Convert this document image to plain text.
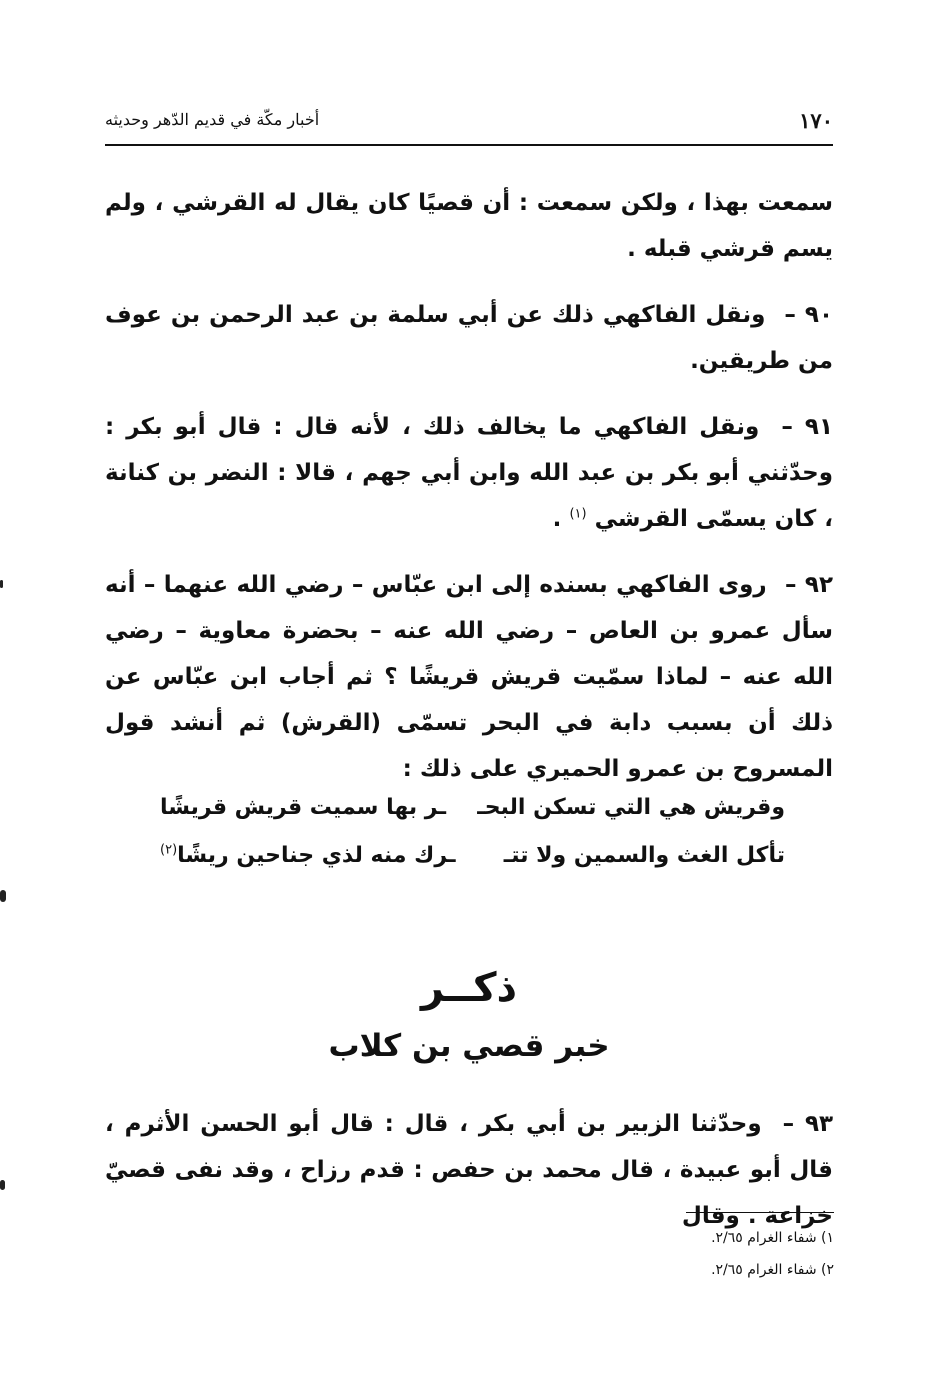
١٧٠
أخبار مكّة في قديم الدّهر وحديثه

سمعت بهذا ، ولكن سمعت : أن قصيًا كان يقال له القرشي ، ولم يسم قرشي قبله .

٩٠ – ونقل الفاكهي ذلك عن أبي سلمة بن عبد الرحمن بن عوف من طريقين.

٩١ – ونقل الفاكهي ما يخالف ذلك ، لأنه قال : قال أبو بكر : وحدّثني أبو بكر بن عبد الله وابن أبي جهم ، قالا : النضر بن كنانة ، كان يسمّى القرشي $^{(١)}$ .

٩٢ – روى الفاكهي بسنده إلى ابن عبّاس – رضي الله عنهما – أنه سأل عمرو بن العاص – رضي الله عنه – بحضرة معاوية – رضي الله عنه – لماذا سمّيت قريش قريشًا ؟ ثم أجاب ابن عبّاس عن ذلك أن بسبب دابة في البحر تسمّى (القرش) ثم أنشد قول المسروح بن عمرو الحميري على ذلك :

وقريش هي التي تسكن البحـ
ـر بها سميت قريش قريشًا
تأكل الغث والسمين ولا تتـ
ـرك منه لذي جناحين ريشًا$^{(٢)}$
ذكــر
خبر قصي بن كلاب

٩٣ – وحدّثنا الزبير بن أبي بكر ، قال : قال أبو الحسن الأثرم ، قال أبو عبيدة ، قال محمد بن حفص : قدم رزاح ، وقد نفى قصيّ خزاعة . وقال

١) شفاء الغرام ٢/٦٥.
٢) شفاء الغرام ٢/٦٥.
